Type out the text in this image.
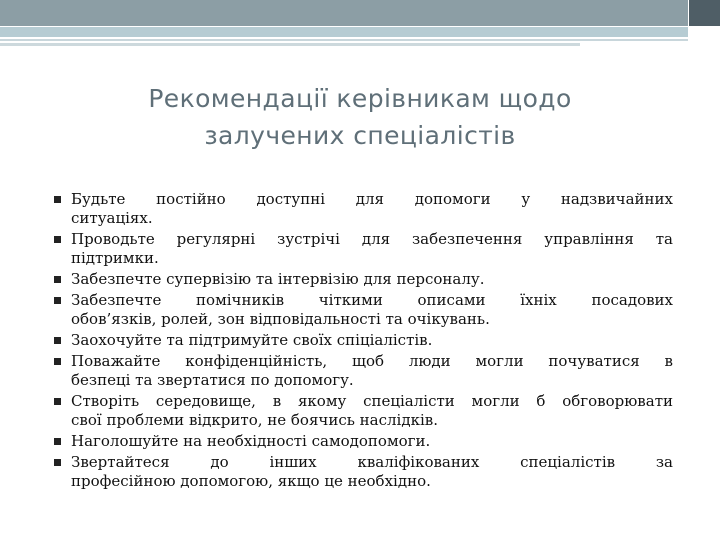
Рекомендації керівникам щодо
залучених спеціалістів
Будьте постійно доступні для допомоги у надзвичайних
ситуаціях.
Проводьте регулярні зустрічі для забезпечення управління та
підтримки.
Забезпечте супервізію та інтервізію для персоналу.
Забезпечте помічників чіткими описами їхніх посадових
обов’язків, ролей, зон відповідальності та очікувань.
Заохочуйте та підтримуйте своїх спіціалістів.
Поважайте конфіденційність, щоб люди могли почуватися в
безпеці та звертатися по допомогу.
Створіть середовище, в якому спеціалісти могли б обговорювати
свої проблеми відкрито, не боячись наслідків.
Наголошуйте на необхідності самодопомоги.
Звертайтеся до інших кваліфікованих спеціалістів за
професійною допомогою, якщо це необхідно.
